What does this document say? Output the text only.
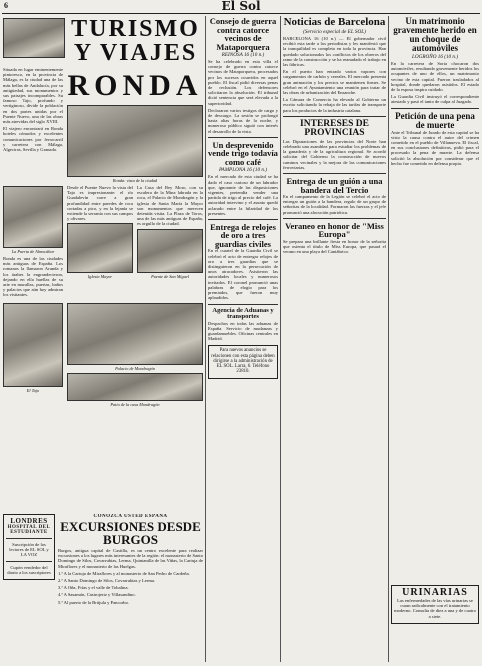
6	El Sol
TURISMO
Y VIAJES

Situada en lugar eminentemente pintoresco, en la provincia de Málaga, es la ciudad una de las más bellas de Andalucía, por su antigüedad, sus monumentos y sus paisajes incomparables. Su famoso Tajo, profundo y vertiginoso, divide la población en dos partes unidas por el Puente Nuevo, una de las obras más atrevidas del siglo XVIII.

El viajero encontrará en Ronda hoteles cómodos y excelentes comunicaciones por ferrocarril y carretera con Málaga, Algeciras, Sevilla y Granada.

RONDA
Ronda: vista de la ciudad
La Puerta de Almocábar

Ronda es una de las ciudades más antiguas de España. Los romanos la llamaron Arunda y los árabes la engrandecieron, dejando en ella huellas de su arte en murallas, puertas, baños y palacios que aún hoy admiran los visitantes.

Desde el Puente Nuevo la vista del Tajo es impresionante: el río Guadalevín corre a gran profundidad entre paredes de roca cortadas a pico, y en la lejanía se extiende la serranía con sus campos y olivares.

Iglesia Mayor

La Casa del Rey Moro, con su escalera de la Mina labrada en la roca, el Palacio de Mondragón y la iglesia de Santa María la Mayor son monumentos que merecen detenida visita. La Plaza de Toros, una de las más antiguas de España, es orgullo de la ciudad.

Puente de San Miguel
El Tajo
Palacio de Mondragón
Patio de la casa Mondragón
LONDRES
HOSPITAL DEL ESTUDIANTE

Suscripción de los lectores de EL SOL y LA VOZ

Cupón vendedor del diario a los suscriptores

CONOZCA USTED ESPAÑA
EXCURSIONES DESDE BURGOS

Burgos, antigua capital de Castilla, es un centro excelente para realizar excursiones a los lugares más interesantes de la región: el monasterio de Santo Domingo de Silos, Covarrubias, Lerma, Quintanilla de las Viñas, la Cartuja de Miraflores y el monasterio de las Huelgas.

1.ª A la Cartuja de Miraflores y al monasterio de San Pedro de Cardeña.

2.ª A Santo Domingo de Silos, Covarrubias y Lerma.

3.ª A Oña, Frías y el valle de Tobalina.

4.ª A Sasamón, Castrojeriz y Villasandino.

5.ª Al puerto de la Brújula y Pancorbo.

Consejo de guerra contra catorce vecinos de Mataporquera
REINOSA 16 (10 n.)

Se ha celebrado en esta villa el consejo de guerra contra catorce vecinos de Mataporquera, procesados por los sucesos ocurridos en aquel pueblo. El fiscal pidió diversas penas de reclusión. Los defensores solicitaron la absolución. El tribunal dictó sentencia que será elevada a la superioridad.

Declararon varios testigos de cargo y de descargo. La sesión se prolongó hasta altas horas de la noche, y numeroso público siguió con interés el desarrollo de la vista.

Un desprevenido vende trigo todavía como café
PAMPLONA 16 (10 n.)

En el mercado de esta ciudad se ha dado el caso curioso de un labrador que, ignorante de las disposiciones vigentes, pretendía vender una partida de trigo al precio del café. La autoridad intervino y el asunto quedó aclarado entre la hilaridad de los presentes.

Entrega de relojes de oro a tres guardias civiles

En el cuartel de la Guardia Civil se celebró el acto de entregar relojes de oro a tres guardias que se distinguieron en la persecución de unos atracadores. Asistieron las autoridades locales y numerosos invitados. El coronel pronunció unas palabras de elogio para los premiados, que fueron muy aplaudidos.

Agencia de Aduanas y transportes

Despachos en todas las aduanas de España. Servicio de mudanzas y guardamuebles. Oficinas centrales en Madrid.

Para nuevos anuncios se relacionen con esta página deben dirigirse a la administración de EL SOL. Larra, 6. Teléfono 23810.

Noticias de Barcelona
(Servicio especial de EL SOL)

BARCELONA 16 (10 n.) — El gobernador civil recibió esta tarde a los periodistas y les manifestó que la tranquilidad es completa en toda la provincia. Han quedado solucionados los conflictos de los obreros del ramo de la construcción y se ha reanudado el trabajo en las fábricas.

En el puerto han entrado varios vapores con cargamentos de carbón y cereales. El mercado presenta gran animación y los precios se mantienen firmes. Se celebró en el Ayuntamiento una reunión para tratar de las obras de urbanización del Ensanche.

La Cámara de Comercio ha elevado al Gobierno un escrito solicitando la rebaja de las tarifas de transporte para los productos de la industria catalana.

INTERESES DE PROVINCIAS

Las Diputaciones de las provincias del Norte han celebrado una asamblea para estudiar los problemas de la ganadería y de la agricultura regional. Se acordó solicitar del Gobierno la construcción de nuevos caminos vecinales y la mejora de las comunicaciones ferroviarias.

Entrega de un guión a una bandera del Tercio

En el campamento de la Legión se celebró el acto de entregar un guión a la bandera, regalo de un grupo de señoritas de la localidad. Formaron las fuerzas y el jefe pronunció una alocución patriótica.

Veraneo en honor de "Miss Europa"

Se prepara una brillante fiesta en honor de la señorita que ostenta el título de Miss Europa, que pasará el verano en una playa del Cantábrico.

Un matrimonio gravemente herido en un choque de automóviles
LOGROÑO 16 (10 n.)

En la carretera de Soria chocaron dos automóviles, resultando gravemente heridos los ocupantes de uno de ellos, un matrimonio vecino de esta capital. Fueron trasladados al hospital, donde quedaron asistidos. El estado de la esposa inspira cuidado.

La Guardia Civil instruyó el correspondiente atestado y pasó el tanto de culpa al Juzgado.

Petición de una pena de muerte

Ante el Tribunal de Jurado de esta capital se ha visto la causa contra el autor del crimen cometido en el pueblo de Villanueva. El fiscal, en sus conclusiones definitivas, pidió para el procesado la pena de muerte. La defensa solicitó la absolución por considerar que el hecho fue cometido en defensa propia.

URINARIAS

Las enfermedades de las vías urinarias se curan radicalmente con el tratamiento moderno. Consulta de diez a una y de cuatro a siete.
